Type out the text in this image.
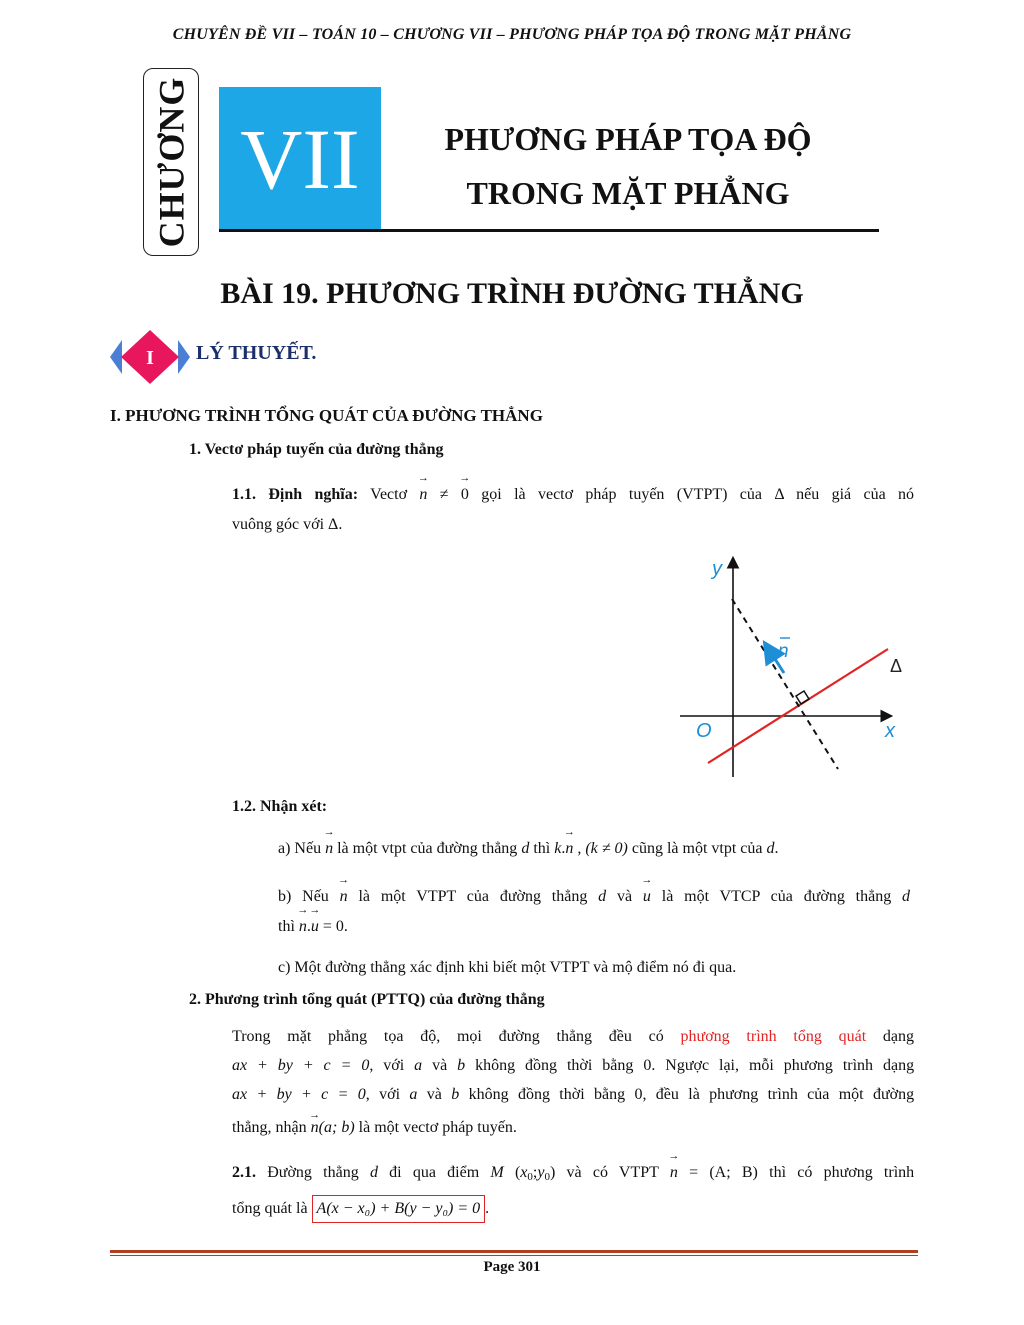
CHUYÊN ĐỀ VII – TOÁN 10 – CHƯƠNG VII – PHƯƠNG PHÁP TỌA ĐỘ TRONG MẶT PHẲNG
CHƯƠNG VII	PHƯƠNG PHÁP TỌA ĐỘ
TRONG MẶT PHẲNG
BÀI 19. PHƯƠNG TRÌNH ĐƯỜNG THẲNG
I LÝ THUYẾT.
I. PHƯƠNG TRÌNH TỔNG QUÁT CỦA ĐƯỜNG THẲNG
1. Vectơ pháp tuyến của đường thẳng
1.1. Định nghĩa: Vectơ → n ≠ → 0 gọi là vectơ pháp tuyến (VTPT) của Δ nếu giá của nó
vuông góc với Δ.
y
x
O
n
Δ
1.2. Nhận xét:
a) Nếu → n là một vtpt của đường thẳng d thì k.→ n , (k ≠ 0) cũng là một vtpt của d.
b) Nếu → n là một VTPT của đường thẳng d và → u là một VTCP của đường thẳng d
thì → n.→ u = 0.
c) Một đường thẳng xác định khi biết một VTPT và mộ điểm nó đi qua.
2. Phương trình tổng quát (PTTQ) của đường thẳng
Trong mặt phẳng tọa độ, mọi đường thẳng đều có phương trình tổng quát dạng
ax + by + c = 0, với a và b không đồng thời bằng 0. Ngược lại, mỗi phương trình dạng
ax + by + c = 0, với a và b không đồng thời bằng 0, đều là phương trình của một đường
thẳng, nhận → n(a; b) là một vectơ pháp tuyến.
2.1. Đường thẳng d đi qua điểm M $(x_0;y_0)$ và có VTPT → n = (A; B) thì có phương trình
tổng quát là A(x − x₀) + B(y − y₀) = 0 .
Page 301
